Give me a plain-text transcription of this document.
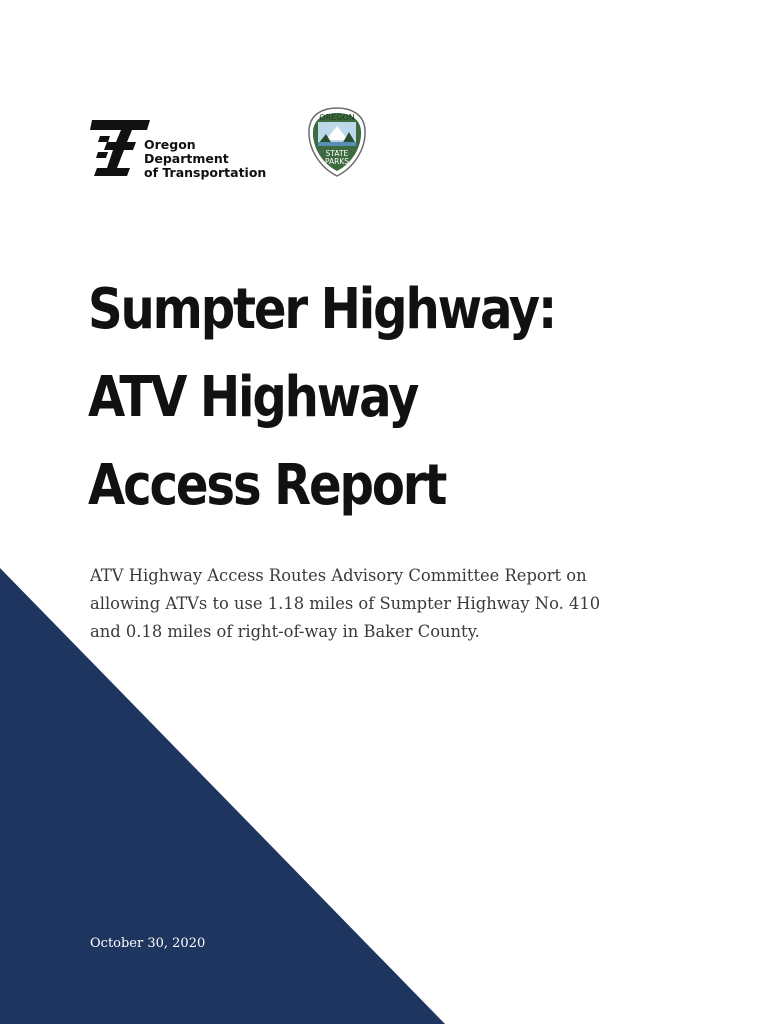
Oregon
Department
of Transportation
OREGON
STATE
PARKS
Sumpter Highway:
ATV Highway
Access Report
ATV Highway Access Routes Advisory Committee Report on
allowing ATVs to use 1.18 miles of Sumpter Highway No. 410
and 0.18 miles of right-of-way in Baker County.
October 30, 2020
